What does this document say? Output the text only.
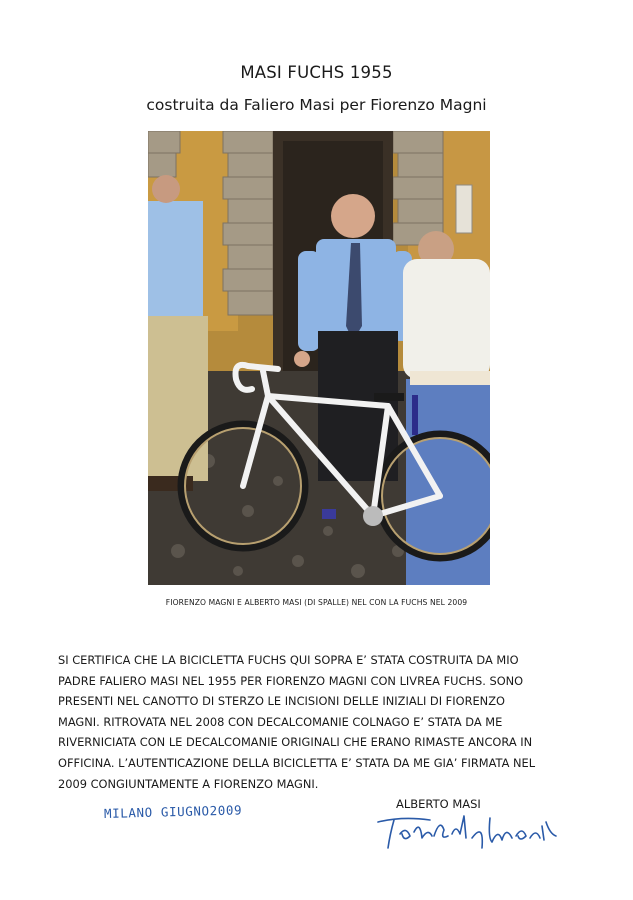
MASI FUCHS 1955
costruita da Faliero Masi per Fiorenzo Magni
FIORENZO MAGNI E ALBERTO MASI (DI SPALLE) NEL CON LA FUCHS NEL 2009
SI CERTIFICA CHE LA BICICLETTA FUCHS QUI SOPRA E’ STATA COSTRUITA DA MIO
PADRE FALIERO MASI NEL 1955 PER FIORENZO MAGNI CON LIVREA FUCHS. SONO
PRESENTI NEL CANOTTO DI STERZO LE INCISIONI DELLE INIZIALI DI FIORENZO
MAGNI. RITROVATA NEL 2008 CON DECALCOMANIE COLNAGO E’ STATA DA ME
RIVERNICIATA CON LE DECALCOMANIE ORIGINALI CHE ERANO RIMASTE ANCORA IN
OFFICINA. L’AUTENTICAZIONE DELLA BICICLETTA E’ STATA DA ME GIA’ FIRMATA NEL
2009 CONGIUNTAMENTE A FIORENZO MAGNI.
MILANO GIUGNO2009	ALBERTO MASI
